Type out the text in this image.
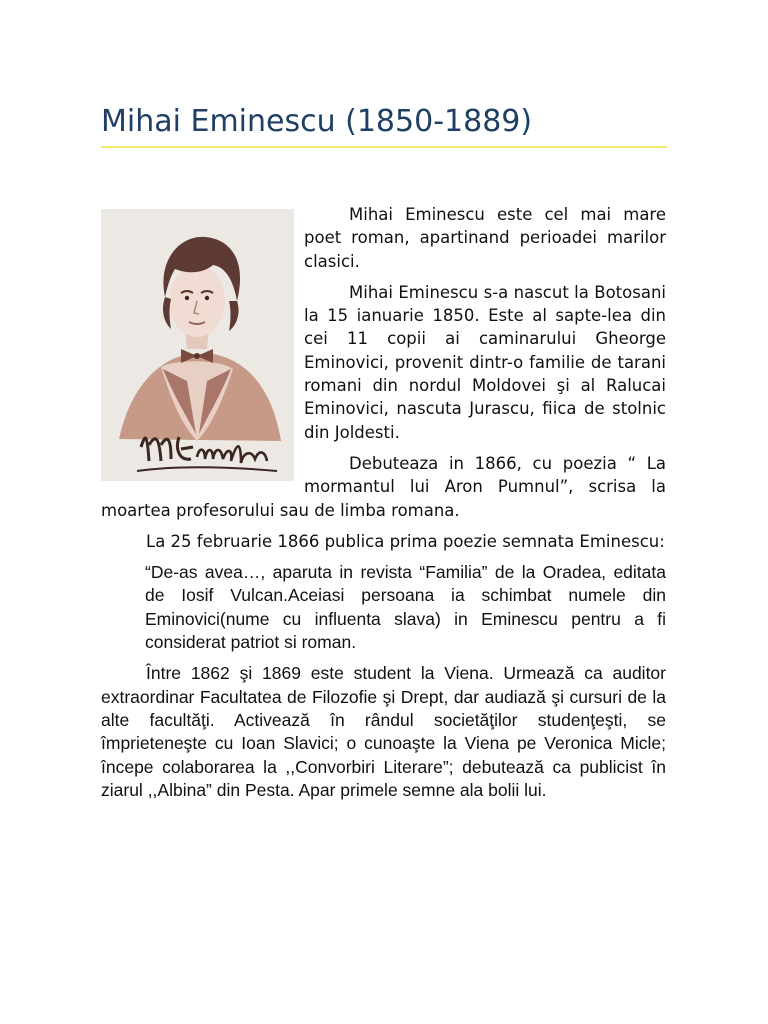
Mihai Eminescu (1850-1889)

Mihai Eminescu este cel mai mare poet roman, apartinand perioadei marilor clasici.

Mihai Eminescu s-a nascut la Botosani la 15 ianuarie 1850. Este al sapte-lea din cei 11 copii ai caminarului Gheorge Eminovici, provenit dintr-o familie de tarani romani din nordul Moldovei şi al Ralucai Eminovici, nascuta Jurascu, fiica de stolnic din Joldesti.

Debuteaza in 1866, cu poezia “ La mormantul lui Aron Pumnul”, scrisa la moartea profesorului sau de limba romana.

La 25 februarie 1866 publica prima poezie semnata Eminescu:

“De-as avea…, aparuta in revista “Familia” de la Oradea, editata de Iosif Vulcan.Aceiasi persoana ia schimbat numele din Eminovici(nume cu influenta slava) in Eminescu pentru a fi considerat patriot si roman.

Între 1862 şi 1869 este student la Viena. Urmează ca auditor extraordinar Facultatea de Filozofie şi Drept, dar audiază şi cursuri de la alte facultăţi. Activează în rândul societăţilor studenţeşti, se împrieteneşte cu Ioan Slavici; o cunoaşte la Viena pe Veronica Micle; începe colaborarea la ,,Convorbiri Literare”; debutează ca publicist în ziarul ,,Albina” din Pesta. Apar primele semne ala bolii lui.
